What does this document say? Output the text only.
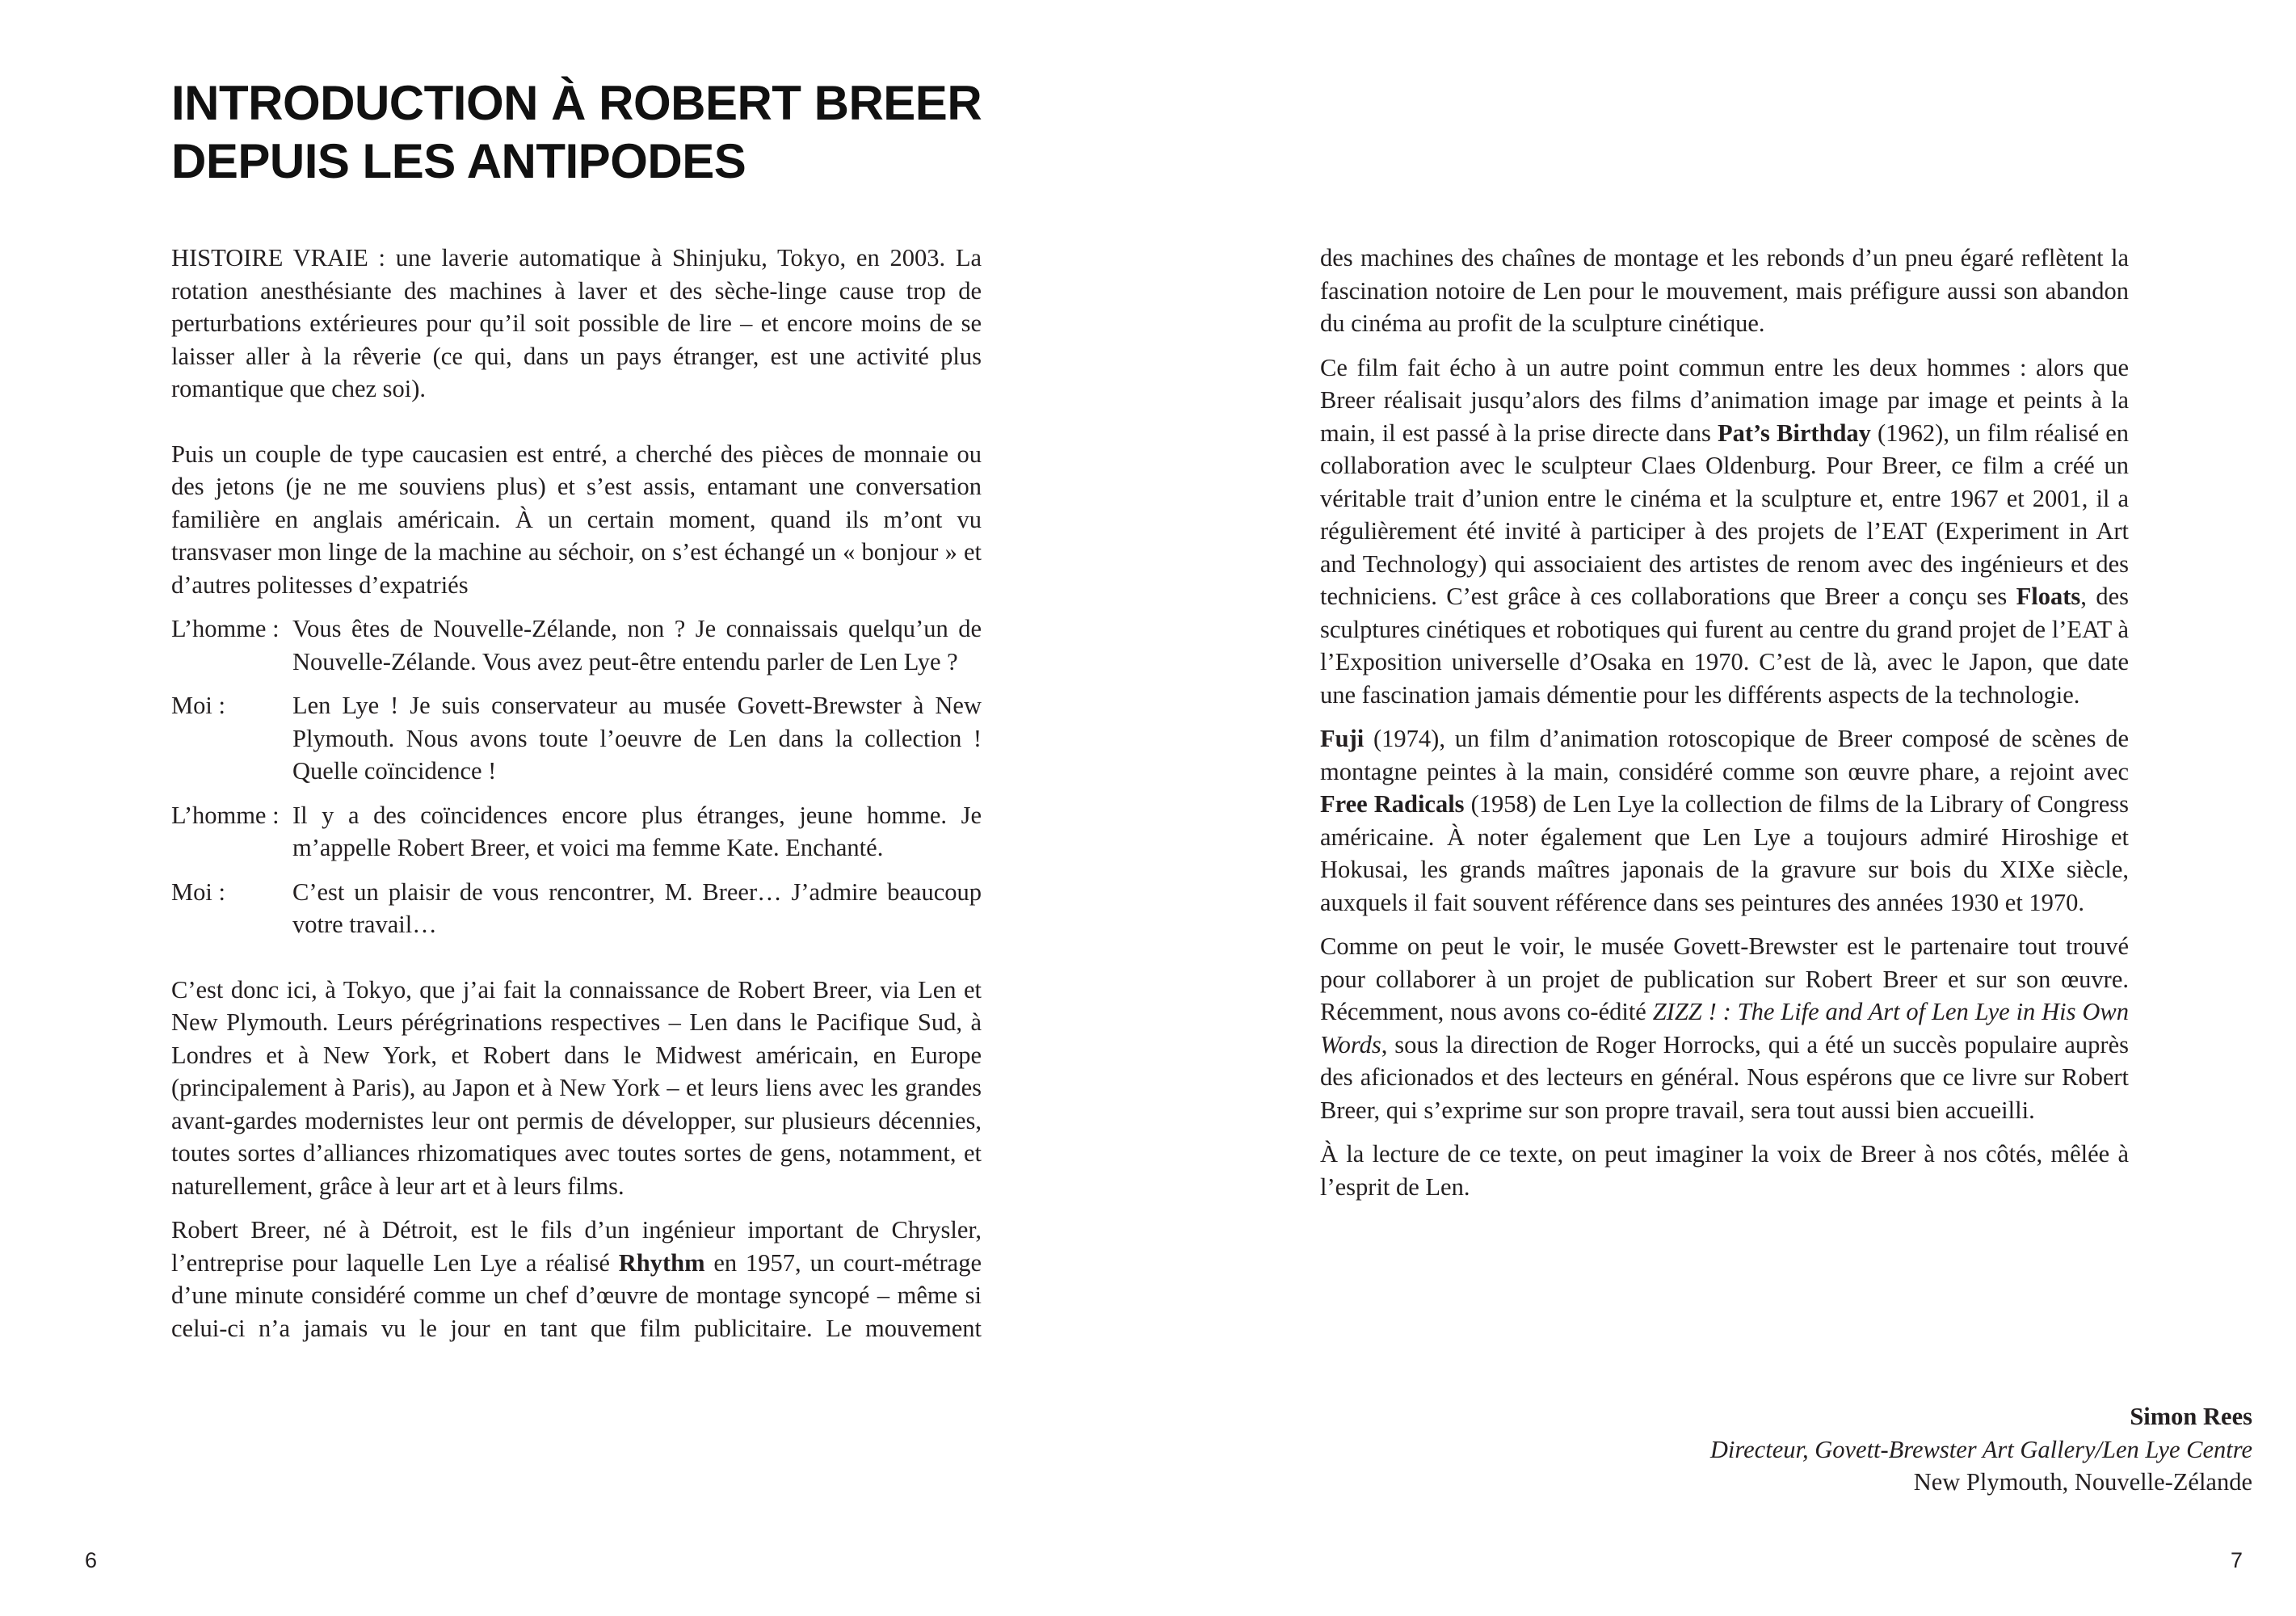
INTRODUCTION À ROBERT BREER
DEPUIS LES ANTIPODES

HISTOIRE VRAIE : une laverie automatique à Shinjuku, Tokyo, en 2003. La rotation anesthésiante des machines à laver et des sèche-linge cause trop de perturbations extérieures pour qu’il soit possible de lire – et encore moins de se laisser aller à la rêverie (ce qui, dans un pays étranger, est une activité plus romantique que chez soi).

Puis un couple de type caucasien est entré, a cherché des pièces de monnaie ou des jetons (je ne me souviens plus) et s’est assis, entamant une conversation familière en anglais américain. À un certain moment, quand ils m’ont vu transvaser mon linge de la machine au séchoir, on s’est échangé un « bonjour » et d’autres politesses d’expatriés

L’homme : Vous êtes de Nouvelle-Zélande, non ? Je connaissais quelqu’un de Nouvelle-Zélande. Vous avez peut-être entendu parler de Len Lye ?
Moi :	Len Lye ! Je suis conservateur au musée Govett-Brewster à New Plymouth. Nous avons toute l’oeuvre de Len dans la collection ! Quelle coïncidence !
L’homme : Il y a des coïncidences encore plus étranges, jeune homme. Je m’appelle Robert Breer, et voici ma femme Kate. Enchanté.
Moi :	C’est un plaisir de vous rencontrer, M. Breer… J’admire beaucoup votre travail…

C’est donc ici, à Tokyo, que j’ai fait la connaissance de Robert Breer, via Len et New Plymouth. Leurs pérégrinations respectives – Len dans le Pacifique Sud, à Londres et à New York, et Robert dans le Midwest américain, en Europe (principalement à Paris), au Japon et à New York – et leurs liens avec les grandes avant-gardes modernistes leur ont permis de développer, sur plusieurs décennies, toutes sortes d’alliances rhizomatiques avec toutes sortes de gens, notamment, et naturellement, grâce à leur art et à leurs films.

Robert Breer, né à Détroit, est le fils d’un ingénieur important de Chrysler, l’entreprise pour laquelle Len Lye a réalisé Rhythm en 1957, un court-métrage d’une minute considéré comme un chef d’œuvre de montage syncopé – même si celui-ci n’a jamais vu le jour en tant que film publicitaire. Le mouvement

6

des machines des chaînes de montage et les rebonds d’un pneu égaré reflètent la fascination notoire de Len pour le mouvement, mais préfigure aussi son abandon du cinéma au profit de la sculpture cinétique.

Ce film fait écho à un autre point commun entre les deux hommes : alors que Breer réalisait jusqu’alors des films d’animation image par image et peints à la main, il est passé à la prise directe dans Pat’s Birthday (1962), un film réalisé en collaboration avec le sculpteur Claes Oldenburg. Pour Breer, ce film a créé un véritable trait d’union entre le cinéma et la sculpture et, entre 1967 et 2001, il a régulièrement été invité à participer à des projets de l’EAT (Experiment in Art and Technology) qui associaient des artistes de renom avec des ingénieurs et des techniciens. C’est grâce à ces collaborations que Breer a conçu ses Floats, des sculptures cinétiques et robotiques qui furent au centre du grand projet de l’EAT à l’Exposition universelle d’Osaka en 1970. C’est de là, avec le Japon, que date une fascination jamais démentie pour les différents aspects de la technologie.

Fuji (1974), un film d’animation rotoscopique de Breer composé de scènes de montagne peintes à la main, considéré comme son œuvre phare, a rejoint avec Free Radicals (1958) de Len Lye la collection de films de la Library of Congress américaine. À noter également que Len Lye a toujours admiré Hiroshige et Hokusai, les grands maîtres japonais de la gravure sur bois du XIXe siècle, auxquels il fait souvent référence dans ses peintures des années 1930 et 1970.

Comme on peut le voir, le musée Govett-Brewster est le partenaire tout trouvé pour collaborer à un projet de publication sur Robert Breer et sur son œuvre. Récemment, nous avons co-édité ZIZZ ! : The Life and Art of Len Lye in His Own Words, sous la direction de Roger Horrocks, qui a été un succès populaire auprès des aficionados et des lecteurs en général. Nous espérons que ce livre sur Robert Breer, qui s’exprime sur son propre travail, sera tout aussi bien accueilli.

À la lecture de ce texte, on peut imaginer la voix de Breer à nos côtés, mêlée à l’esprit de Len.

Simon Rees
Directeur, Govett-Brewster Art Gallery/Len Lye Centre
New Plymouth, Nouvelle-Zélande
7
